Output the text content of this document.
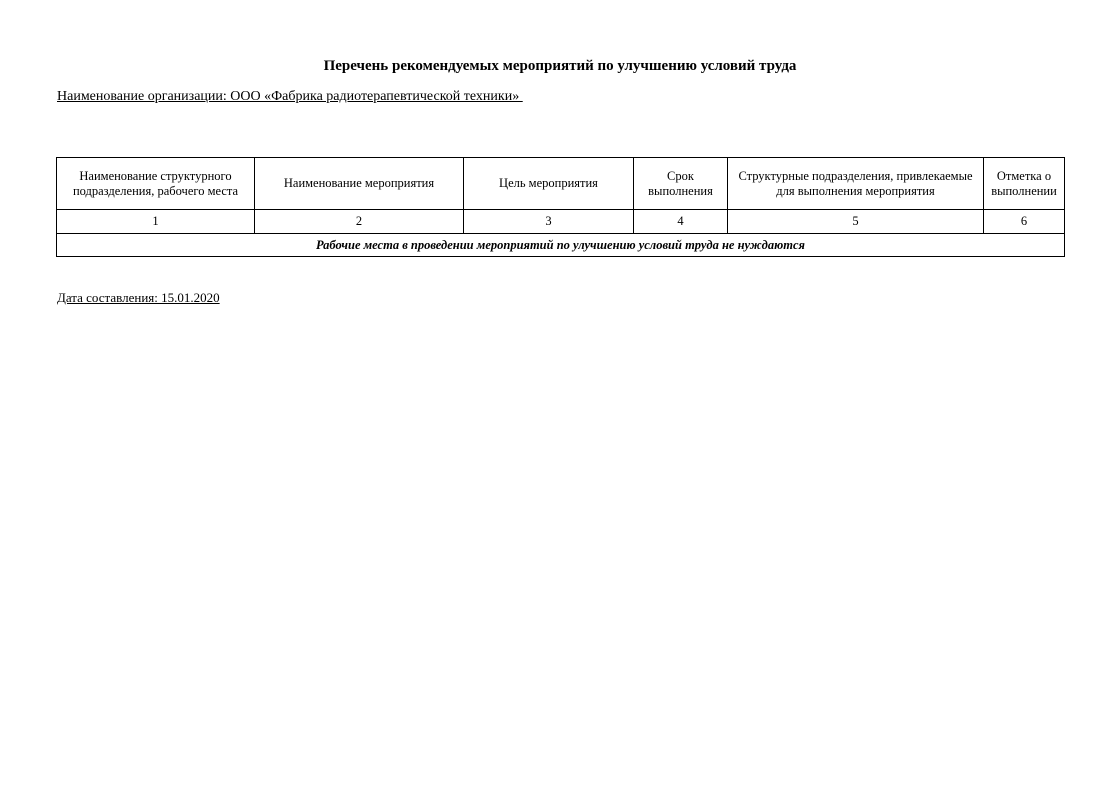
Перечень рекомендуемых мероприятий по улучшению условий труда
Наименование организации: ООО «Фабрика радиотерапевтической техники»
Наименование структурного подразделения, рабочего места	Наименование мероприятия	Цель мероприятия	Срок выполнения	Структурные подразделения, привлекаемые для выполнения мероприятия	Отметка о выполнении
1	2	3	4	5	6
Рабочие места в проведении мероприятий по улучшению условий труда не нуждаются					
Дата составления: 15.01.2020
